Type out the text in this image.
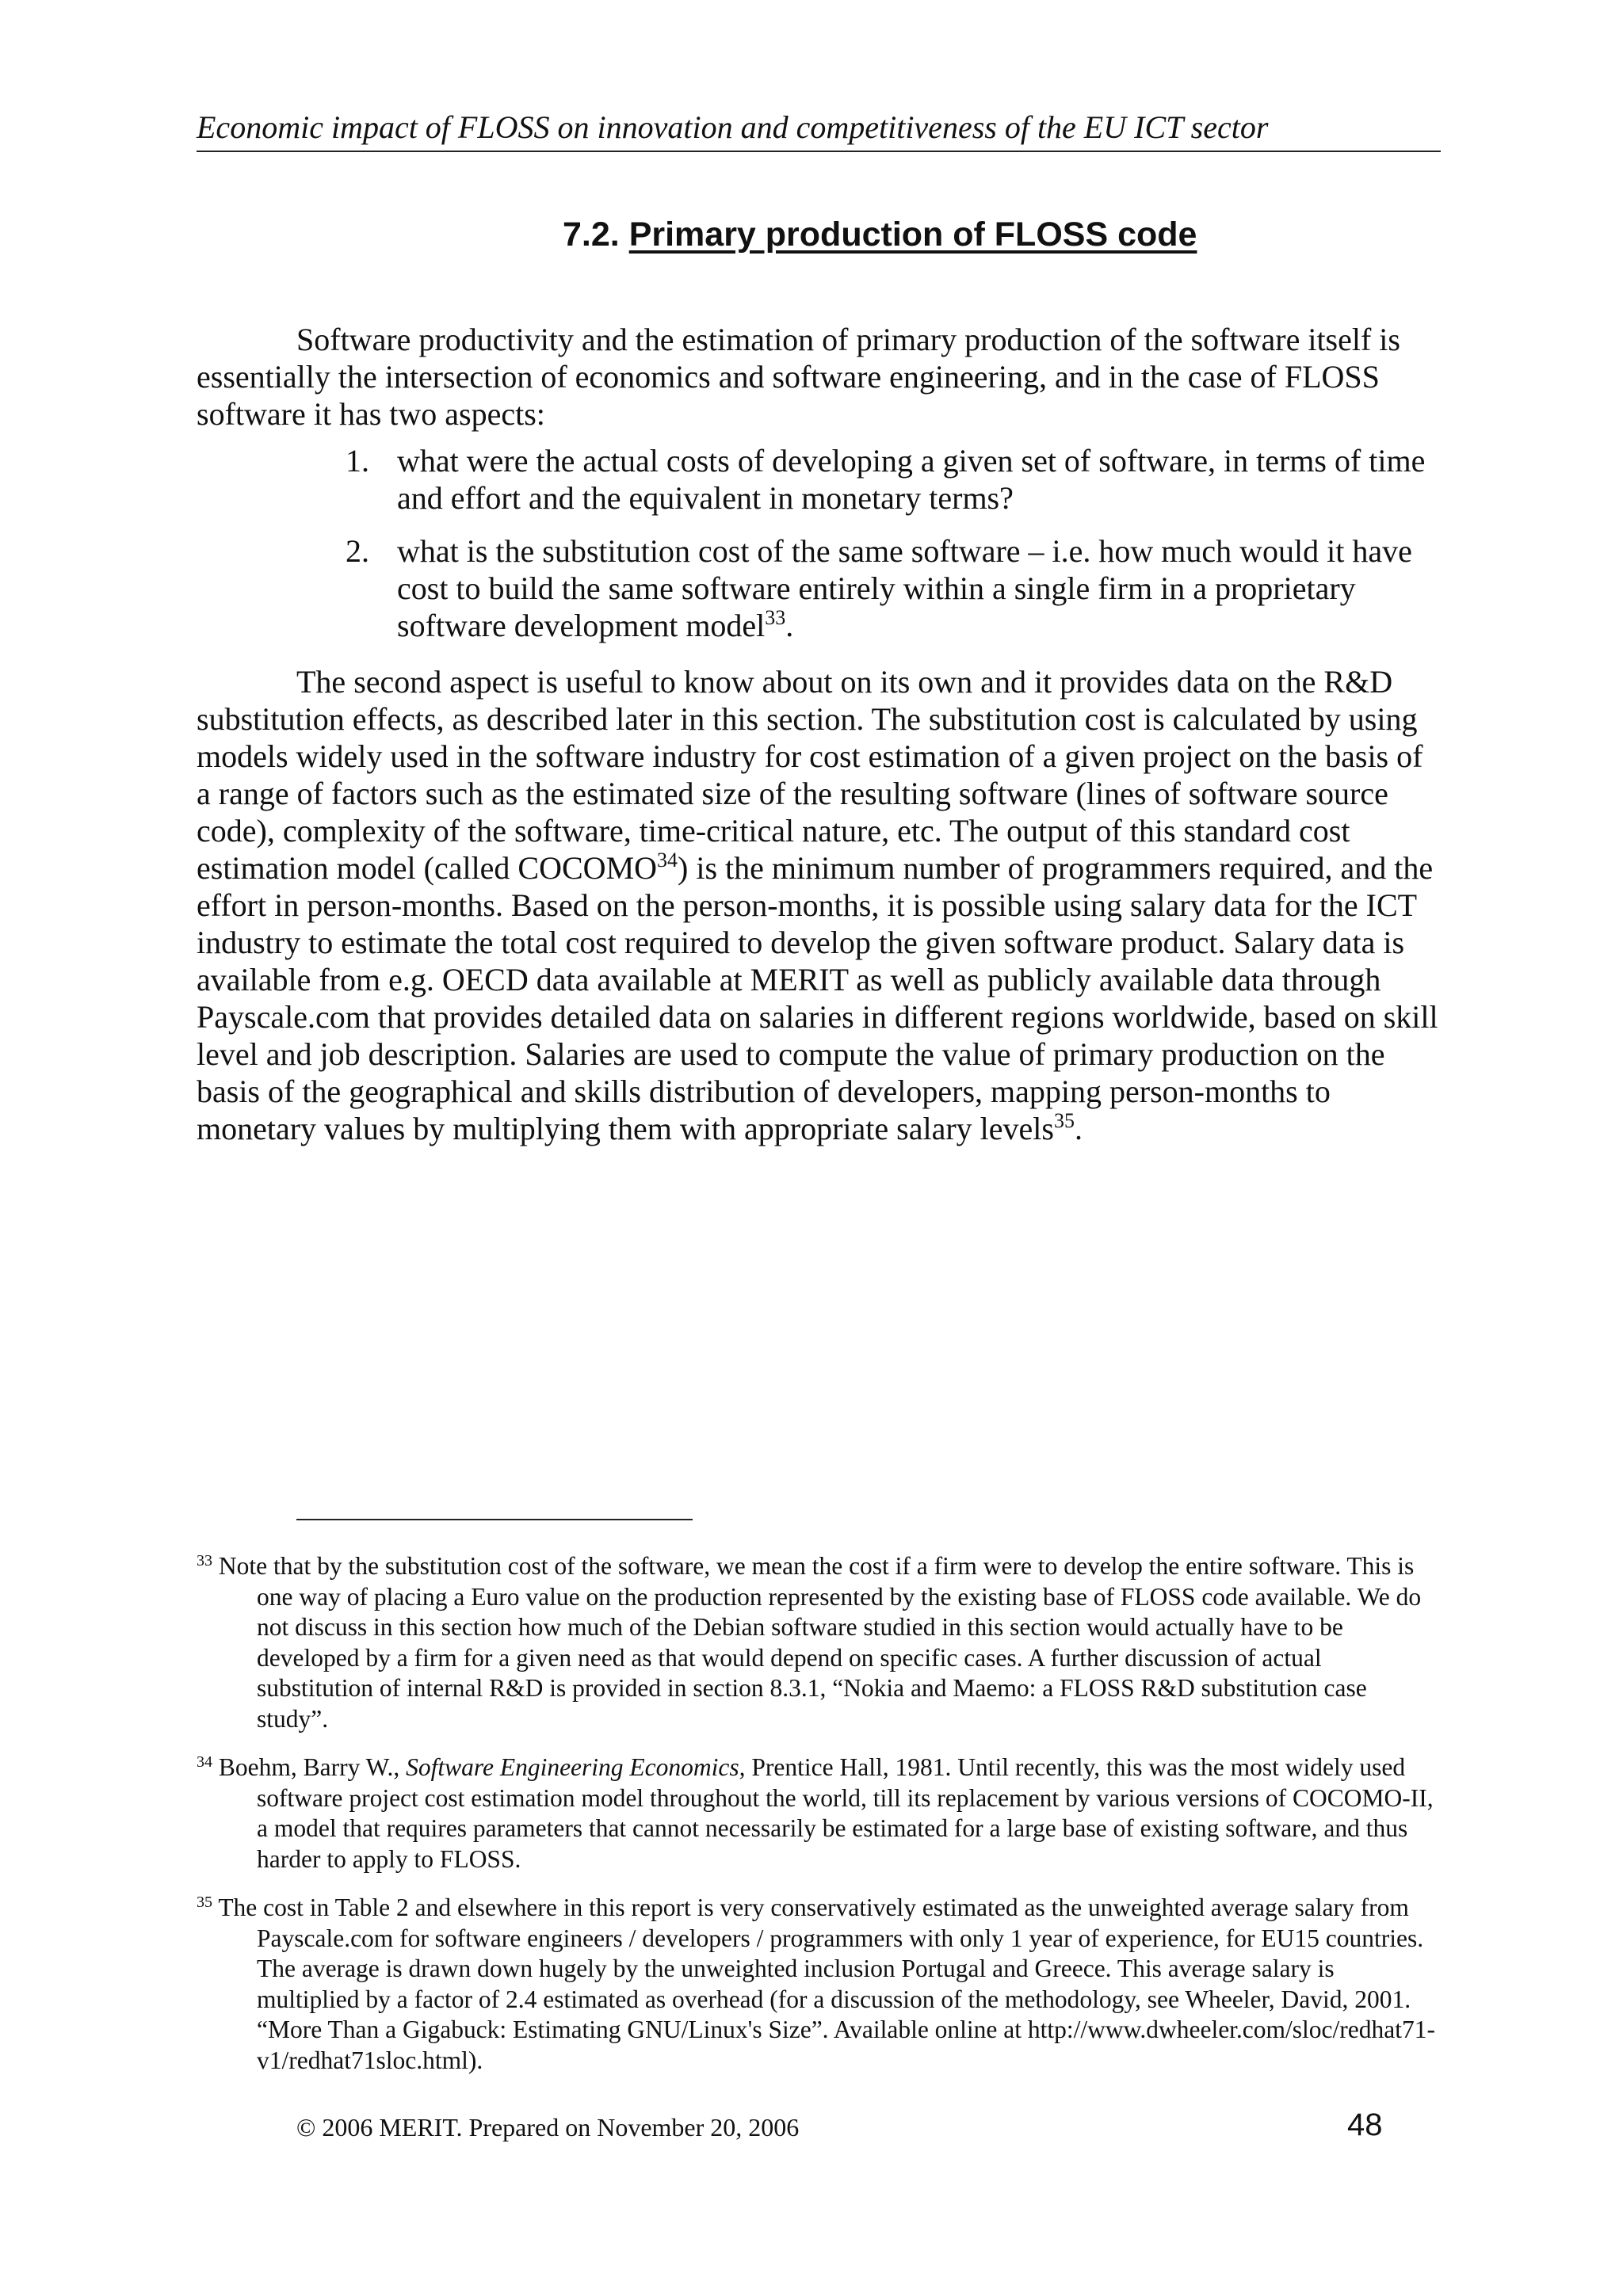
Economic impact of FLOSS on innovation and competitiveness of the EU ICT sector
7.2. Primary production of FLOSS code

Software productivity and the estimation of primary production of the software itself is essentially the intersection of economics and software engineering, and in the case of FLOSS software it has two aspects:

1. what were the actual costs of developing a given set of software, in terms of time and effort and the equivalent in monetary terms?
2. what is the substitution cost of the same software – i.e. how much would it have cost to build the same software entirely within a single firm in a proprietary software development model$^{33}$.

The second aspect is useful to know about on its own and it provides data on the R&D substitution effects, as described later in this section. The substitution cost is calculated by using models widely used in the software industry for cost estimation of a given project on the basis of a range of factors such as the estimated size of the resulting software (lines of software source code), complexity of the software, time-critical nature, etc. The output of this standard cost estimation model (called COCOMO$^{34}$) is the minimum number of programmers required, and the effort in person-months. Based on the person-months, it is possible using salary data for the ICT industry to estimate the total cost required to develop the given software product. Salary data is available from e.g. OECD data available at MERIT as well as publicly available data through Payscale.com that provides detailed data on salaries in different regions worldwide, based on skill level and job description. Salaries are used to compute the value of primary production on the basis of the geographical and skills distribution of developers, mapping person-months to monetary values by multiplying them with appropriate salary levels$^{35}$.

$^{33}$ Note that by the substitution cost of the software, we mean the cost if a firm were to develop the entire software. This is one way of placing a Euro value on the production represented by the existing base of FLOSS code available. We do not discuss in this section how much of the Debian software studied in this section would actually have to be developed by a firm for a given need as that would depend on specific cases. A further discussion of actual substitution of internal R&D is provided in section 8.3.1, “Nokia and Maemo: a FLOSS R&D substitution case study”.

$^{34}$ Boehm, Barry W., Software Engineering Economics, Prentice Hall, 1981. Until recently, this was the most widely used software project cost estimation model throughout the world, till its replacement by various versions of COCOMO-II, a model that requires parameters that cannot necessarily be estimated for a large base of existing software, and thus harder to apply to FLOSS.

$^{35}$ The cost in Table 2 and elsewhere in this report is very conservatively estimated as the unweighted average salary from Payscale.com for software engineers / developers / programmers with only 1 year of experience, for EU15 countries. The average is drawn down hugely by the unweighted inclusion Portugal and Greece. This average salary is multiplied by a factor of 2.4 estimated as overhead (for a discussion of the methodology, see Wheeler, David, 2001. “More Than a Gigabuck: Estimating GNU/Linux's Size”. Available online at http://www.dwheeler.com/sloc/redhat71-v1/redhat71sloc.html).

© 2006 MERIT. Prepared on November 20, 2006	48
